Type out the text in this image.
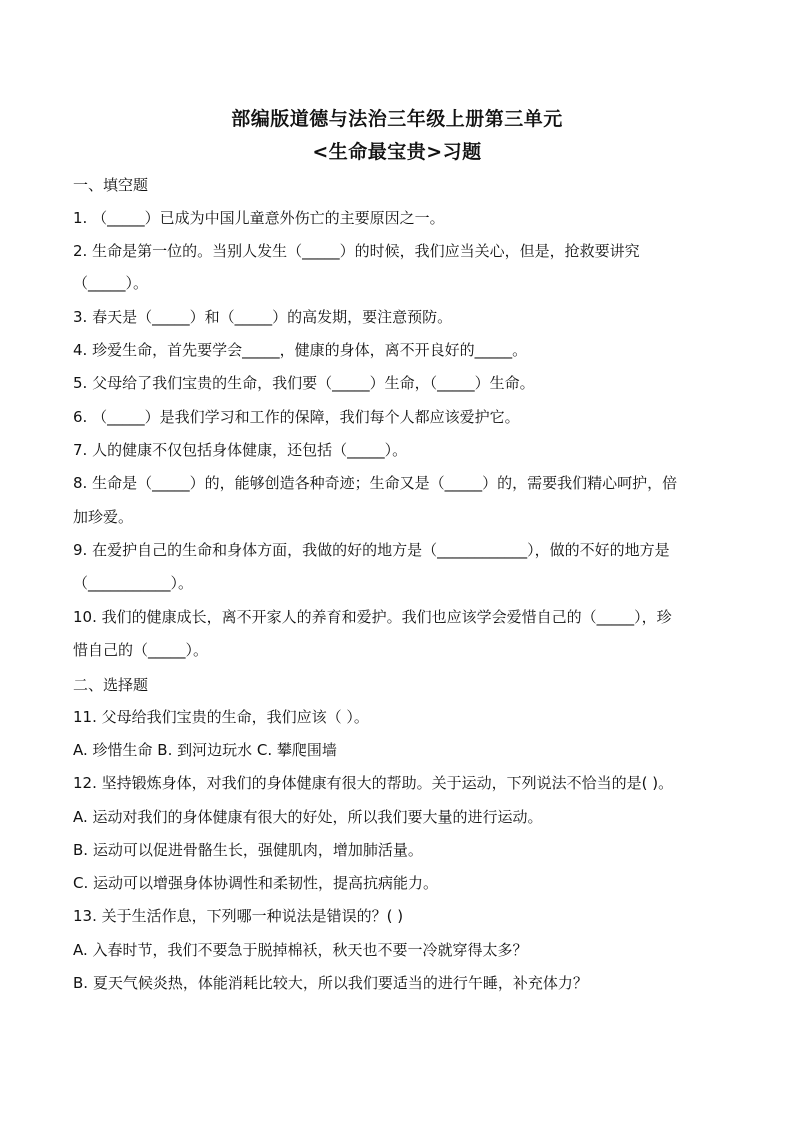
部编版道德与法治三年级上册第三单元
<生命最宝贵>习题
一、填空题
1. （_____）已成为中国儿童意外伤亡的主要原因之一。
2. 生命是第一位的。当别人发生（_____）的时候，我们应当关心，但是，抢救要讲究
（_____）。
3. 春天是（_____）和（_____）的高发期，要注意预防。
4. 珍爱生命，首先要学会_____，健康的身体，离不开良好的_____。
5. 父母给了我们宝贵的生命，我们要（_____）生命，（_____）生命。
6. （_____）是我们学习和工作的保障，我们每个人都应该爱护它。
7. 人的健康不仅包括身体健康，还包括（_____）。
8. 生命是（_____）的，能够创造各种奇迹；生命又是（_____）的，需要我们精心呵护，倍
加珍爱。
9. 在爱护自己的生命和身体方面，我做的好的地方是（____________），做的不好的地方是
（___________）。
10. 我们的健康成长，离不开家人的养育和爱护。我们也应该学会爱惜自己的（_____），珍
惜自己的（_____）。
二、选择题
11. 父母给我们宝贵的生命，我们应该（ ）。
A. 珍惜生命 B. 到河边玩水 C. 攀爬围墙
12. 坚持锻炼身体，对我们的身体健康有很大的帮助。关于运动，下列说法不恰当的是( )。
A. 运动对我们的身体健康有很大的好处，所以我们要大量的进行运动。
B. 运动可以促进骨骼生长，强健肌肉，增加肺活量。
C. 运动可以增强身体协调性和柔韧性，提高抗病能力。
13. 关于生活作息，下列哪一种说法是错误的？( )
A. 入春时节，我们不要急于脱掉棉袄，秋天也不要一冷就穿得太多？
B. 夏天气候炎热，体能消耗比较大，所以我们要适当的进行午睡，补充体力？
